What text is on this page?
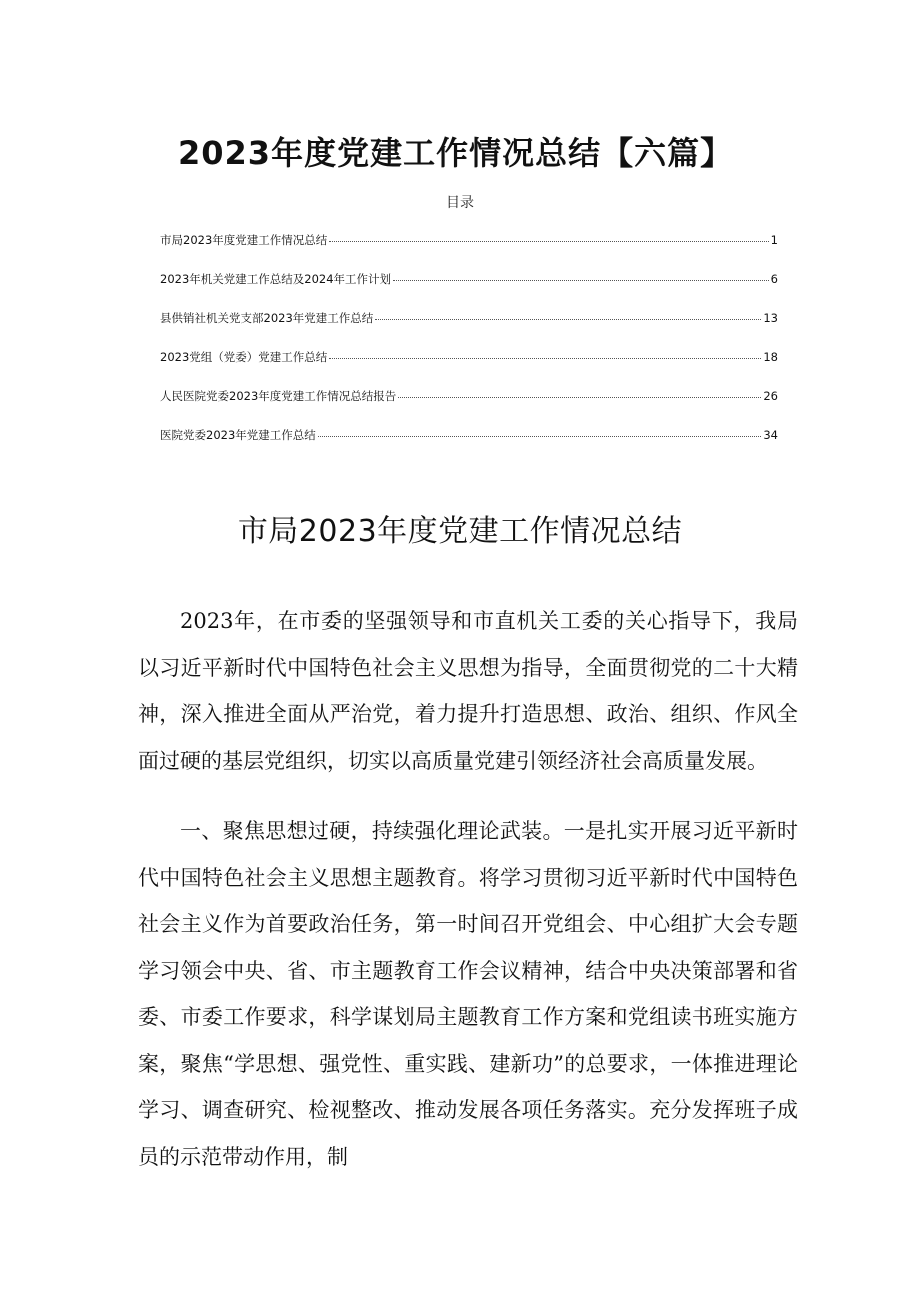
2023年度党建工作情况总结【六篇】
目录
市局2023年度党建工作情况总结	1
2023年机关党建工作总结及2024年工作计划	6
县供销社机关党支部2023年党建工作总结	13
2023党组（党委）党建工作总结	18
人民医院党委2023年度党建工作情况总结报告	26
医院党委2023年党建工作总结	34
市局2023年度党建工作情况总结

2023年，在市委的坚强领导和市直机关工委的关心指导下，我局以习近平新时代中国特色社会主义思想为指导，全面贯彻党的二十大精神，深入推进全面从严治党，着力提升打造思想、政治、组织、作风全面过硬的基层党组织，切实以高质量党建引领经济社会高质量发展。

一、聚焦思想过硬，持续强化理论武装。一是扎实开展习近平新时代中国特色社会主义思想主题教育。将学习贯彻习近平新时代中国特色社会主义作为首要政治任务，第一时间召开党组会、中心组扩大会专题学习领会中央、省、市主题教育工作会议精神，结合中央决策部署和省委、市委工作要求，科学谋划局主题教育工作方案和党组读书班实施方案，聚焦“学思想、强党性、重实践、建新功”的总要求，一体推进理论学习、调查研究、检视整改、推动发展各项任务落实。充分发挥班子成员的示范带动作用，制
